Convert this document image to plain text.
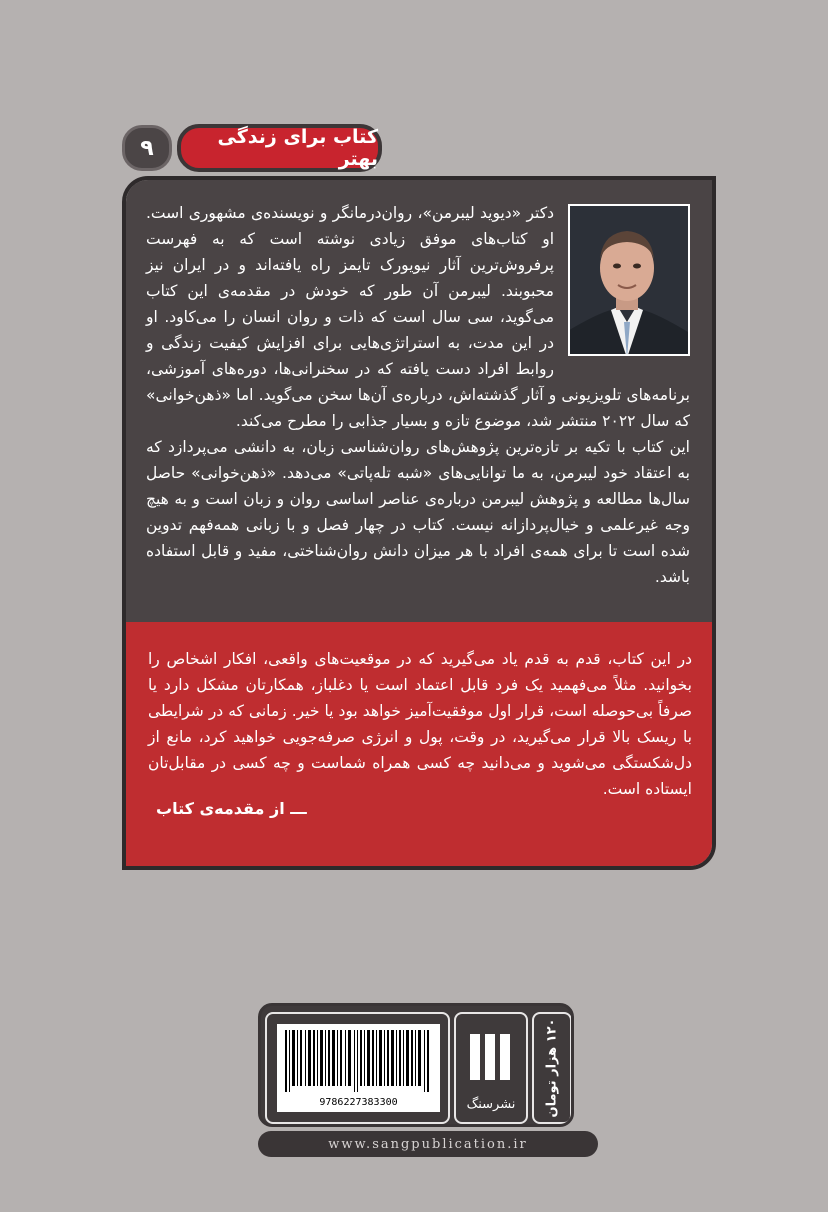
۹	کتاب برای زندگی بهتر

دکتر «دیوید لیبرمن»، روان‌درمانگر و نویسنده‌ی مشهوری است. او کتاب‌های موفق زیادی نوشته است که به فهرست پرفروش‌ترین آثار نیویورک تایمز راه یافته‌اند و در ایران نیز محبوبند. لیبرمن آن طور که خودش در مقدمه‌ی این کتاب می‌گوید، سی سال است که ذات و روان انسان را می‌کاود. او در این مدت، به استراتژی‌هایی برای افزایش کیفیت زندگی و روابط افراد دست یافته که در سخنرانی‌ها، دوره‌های آموزشی، برنامه‌های تلویزیونی و آثار گذشته‌اش، درباره‌ی آن‌ها سخن می‌گوید. اما «ذهن‌خوانی» که سال ۲۰۲۲ منتشر شد، موضوع تازه و بسیار جذابی را مطرح می‌کند.

این کتاب با تکیه بر تازه‌ترین پژوهش‌های روان‌شناسی زبان، به دانشی می‌پردازد که به اعتقاد خود لیبرمن، به ما توانایی‌های «شبه تله‌پاتی» می‌دهد. «ذهن‌خوانی» حاصل سال‌ها مطالعه و پژوهش لیبرمن درباره‌ی عناصر اساسی روان و زبان است و به هیچ وجه غیرعلمی و خیال‌پردازانه نیست. کتاب در چهار فصل و با زبانی همه‌فهم تدوین شده است تا برای همه‌ی افراد با هر میزان دانش روان‌شناختی، مفید و قابل استفاده باشد.

در این کتاب، قدم به قدم یاد می‌گیرید که در موقعیت‌های واقعی، افکار اشخاص را بخوانید. مثلاً می‌فهمید یک فرد قابل اعتماد است یا دغلباز، همکارتان مشکل دارد یا صرفاً بی‌حوصله است، قرار اول موفقیت‌آمیز خواهد بود یا خیر. زمانی که در شرایطی با ریسک بالا قرار می‌گیرید، در وقت، پول و انرژی صرفه‌جویی خواهید کرد، مانع از دل‌شکستگی می‌شوید و می‌دانید چه کسی همراه شماست و چه کسی در مقابل‌تان ایستاده است.

ـــ از مقدمه‌ی کتاب
9786227383300	نشرسنگ	۱۲۰ هزار تومان
www.sangpublication.ir
